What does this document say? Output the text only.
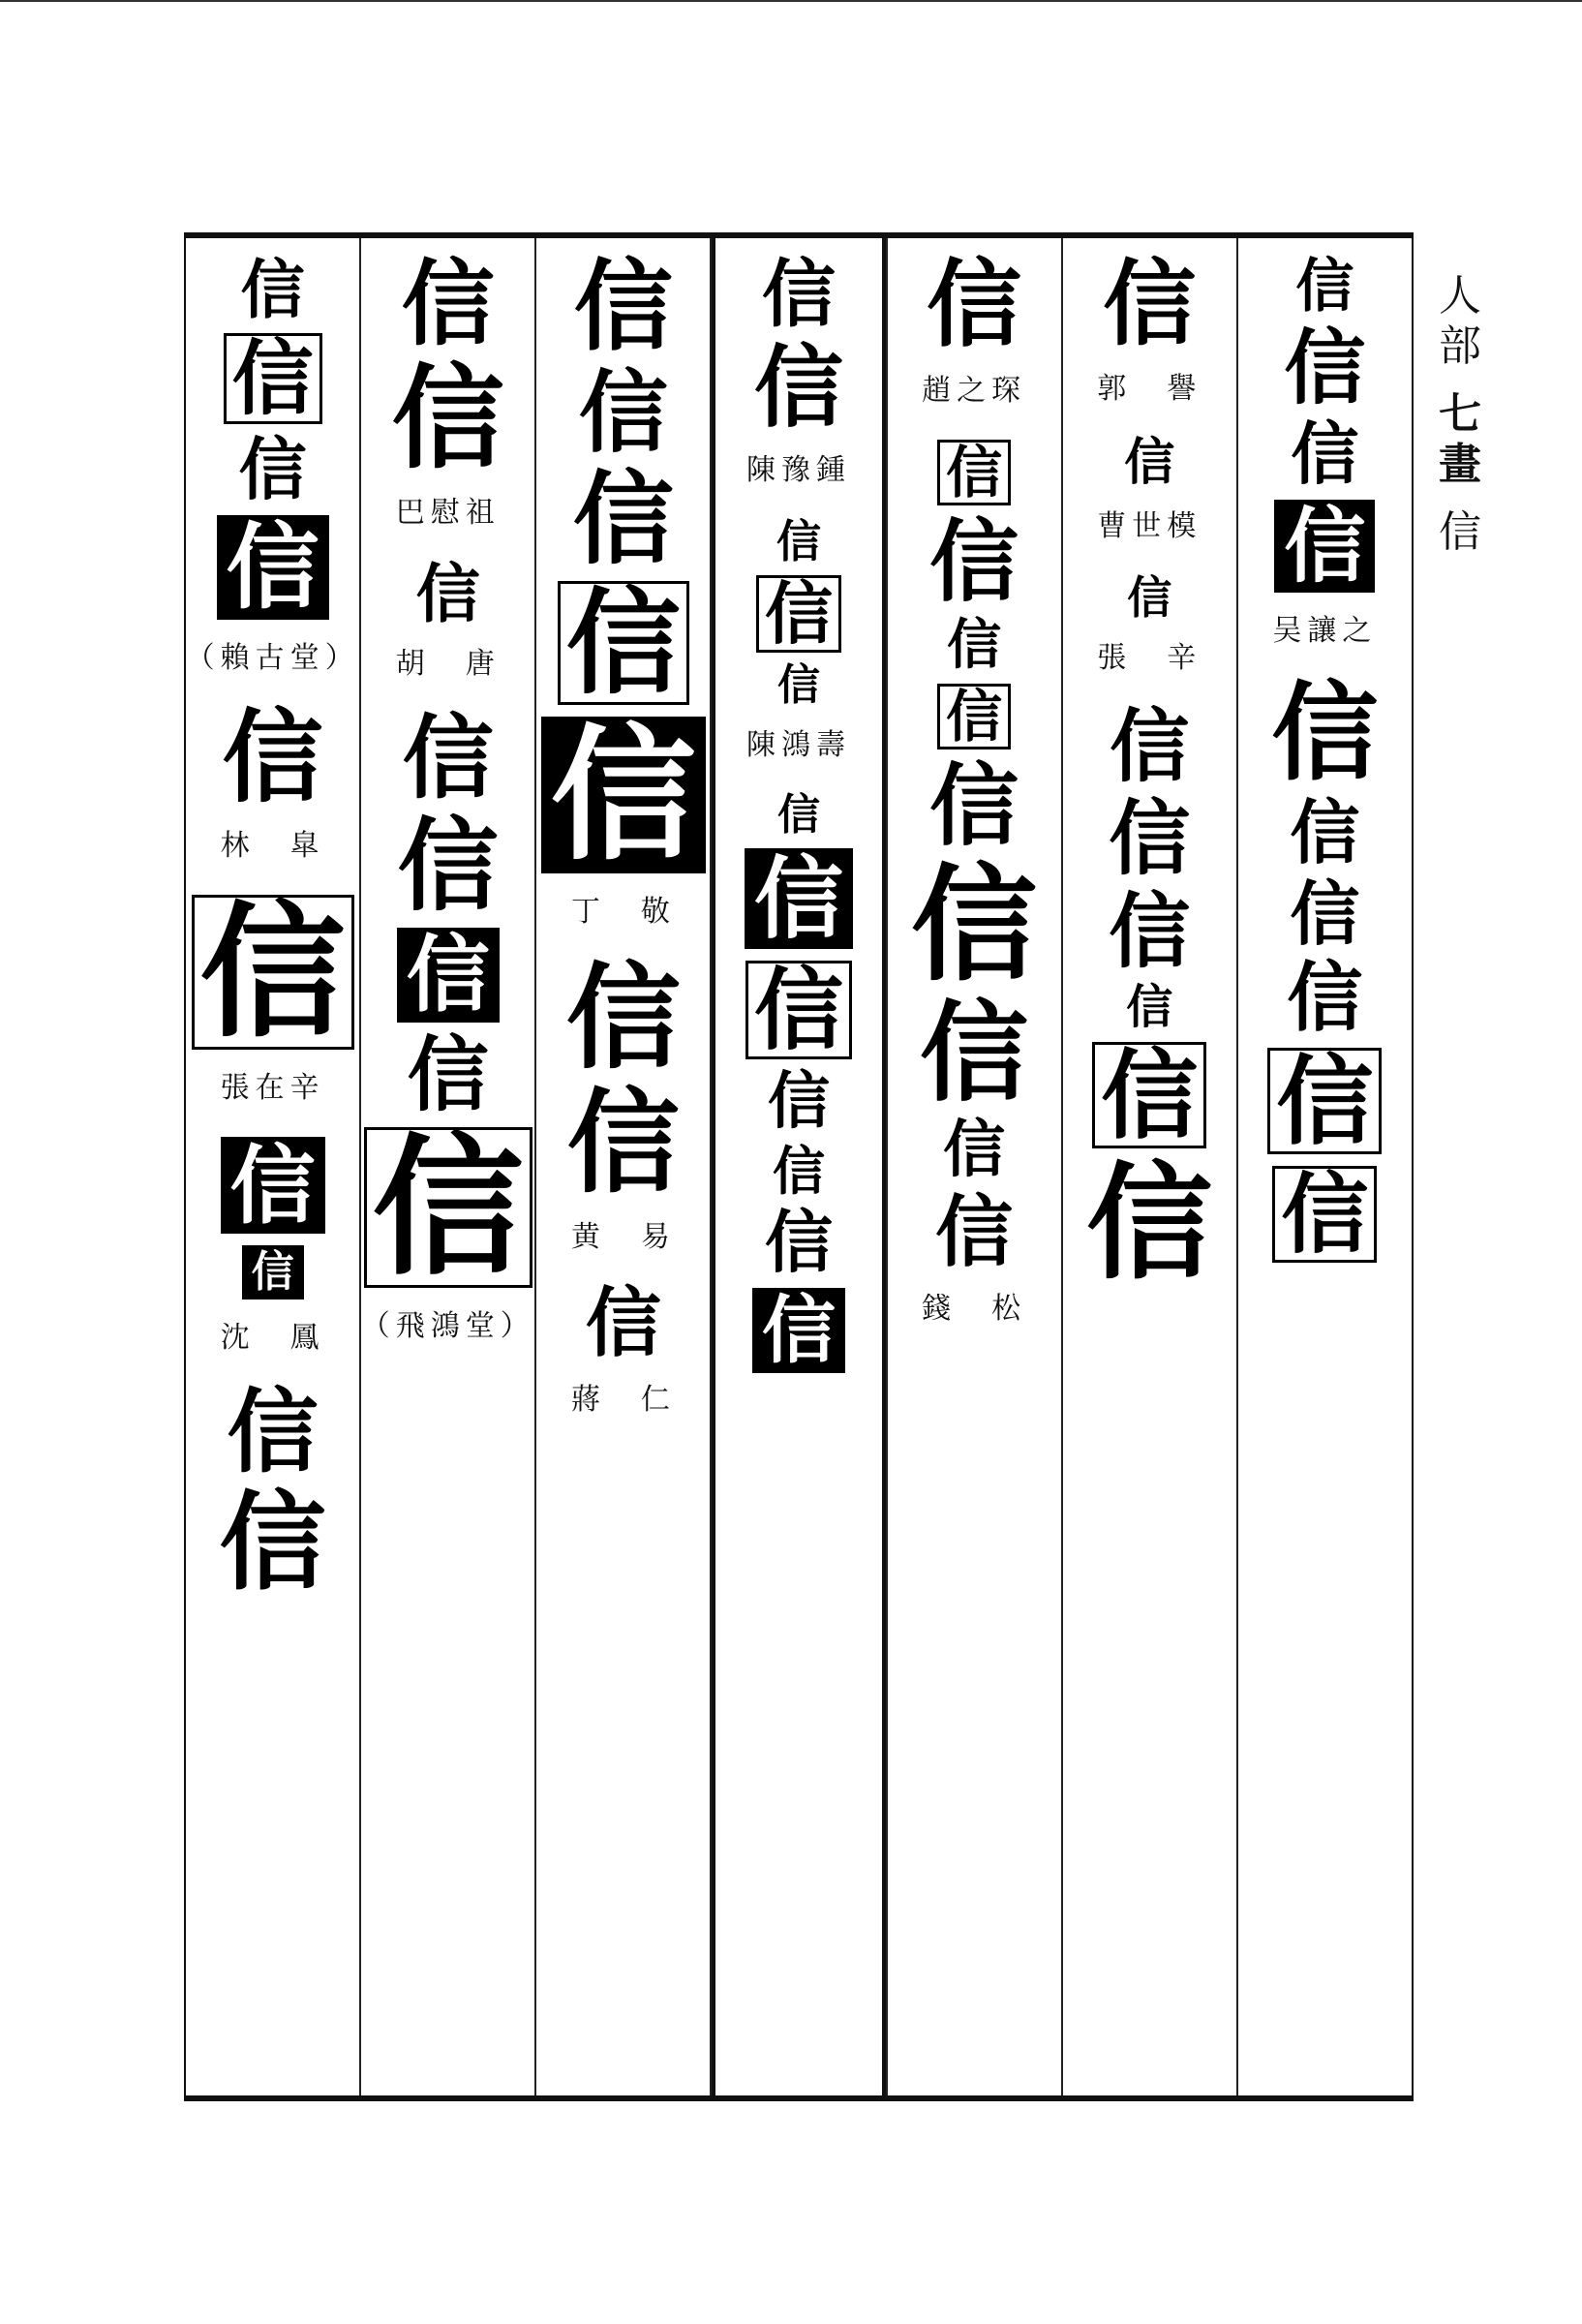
信
信
信
信
（賴古堂）
信
林　皐
信
張在辛
信
信
沈　鳳
信
信
信
信
巴慰祖
信
胡　唐
信
信
信
信
信
（飛鴻堂）
信
信
信
信
信
丁　敬
信
信
黄　易
信
蔣　仁
信
信
陳豫鍾
信
信
信
陳鴻壽
信
信
信
信
信
信
信
信
趙之琛
信
信
信
信
信
信
信
信
信
錢　松
信
郭　譽
信
曹世模
信
張　辛
信
信
信
信
信
信
信
信
信
信
吴讓之
信
信
信
信
信
信
人
部
七
畫
信
